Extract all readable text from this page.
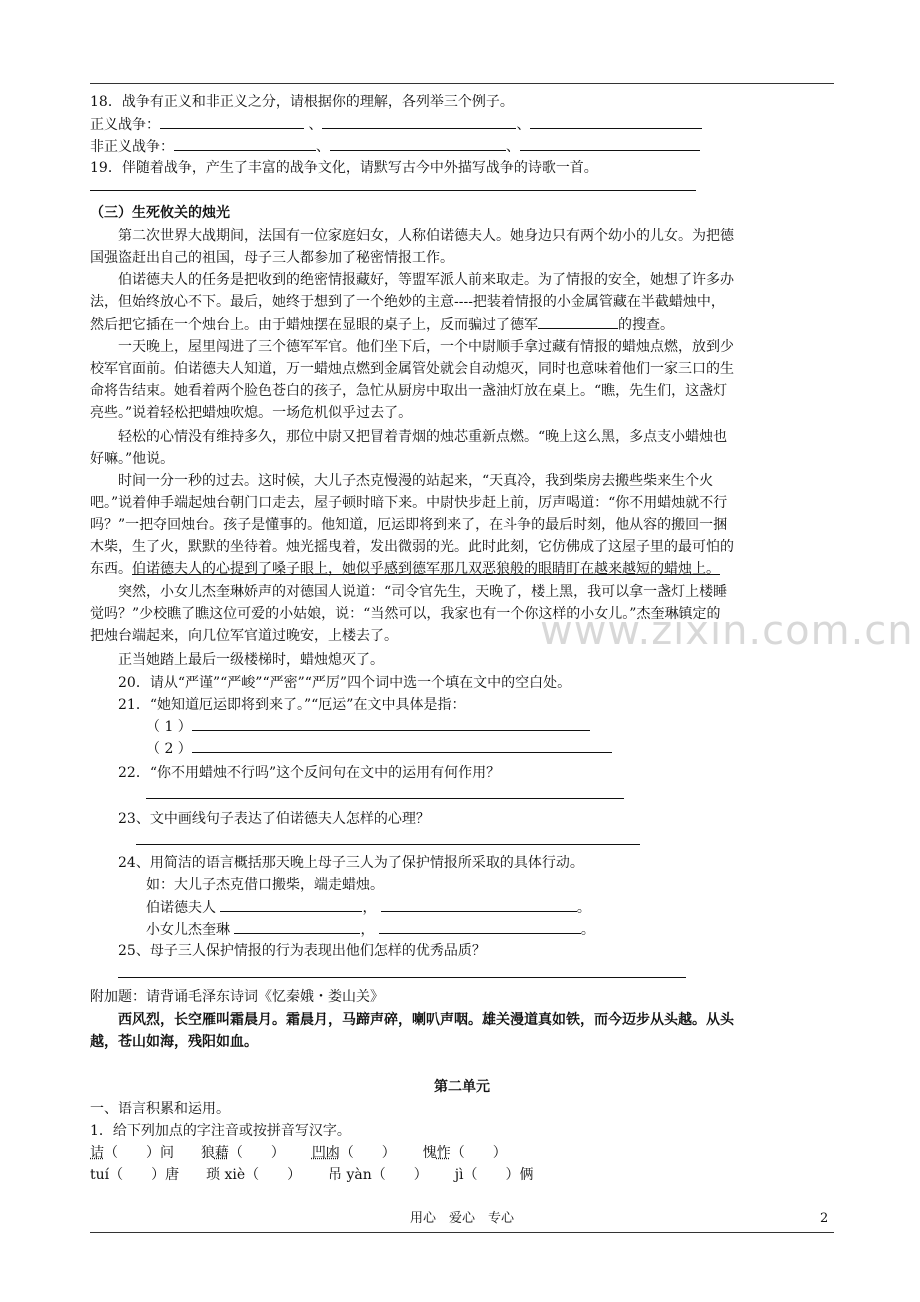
www.zixin.com.cn
18．战争有正义和非正义之分，请根据你的理解，各列举三个例子。
正义战争：	、	、
非正义战争：	、	、
19．伴随着战争，产生了丰富的战争文化，请默写古今中外描写战争的诗歌一首。
（三）生死攸关的烛光
第二次世界大战期间，法国有一位家庭妇女，人称伯诺德夫人。她身边只有两个幼小的儿女。为把德
国强盗赶出自己的祖国，母子三人都参加了秘密情报工作。
伯诺德夫人的任务是把收到的绝密情报藏好，等盟军派人前来取走。为了情报的安全，她想了许多办
法，但始终放心不下。最后，她终于想到了一个绝妙的主意----把装着情报的小金属管藏在半截蜡烛中，
然后把它插在一个烛台上。由于蜡烛摆在显眼的桌子上，反而骗过了德军	的搜查。
一天晚上，屋里闯进了三个德军军官。他们坐下后，一个中尉顺手拿过藏有情报的蜡烛点燃，放到少
校军官面前。伯诺德夫人知道，万一蜡烛点燃到金属管处就会自动熄灭，同时也意味着他们一家三口的生
命将告结束。她看着两个脸色苍白的孩子，急忙从厨房中取出一盏油灯放在桌上。“瞧，先生们，这盏灯
亮些。”说着轻松把蜡烛吹熄。一场危机似乎过去了。
轻松的心情没有维持多久，那位中尉又把冒着青烟的烛芯重新点燃。“晚上这么黑，多点支小蜡烛也
好嘛。”他说。
时间一分一秒的过去。这时候，大儿子杰克慢漫的站起来，“天真冷，我到柴房去搬些柴来生个火
吧。”说着伸手端起烛台朝门口走去，屋子顿时暗下来。中尉快步赶上前，厉声喝道：“你不用蜡烛就不行
吗？”一把夺回烛台。孩子是懂事的。他知道，厄运即将到来了，在斗争的最后时刻，他从容的搬回一捆
木柴，生了火，默默的坐待着。烛光摇曳着，发出微弱的光。此时此刻，它仿佛成了这屋子里的最可怕的
东西。伯诺德夫人的心提到了嗓子眼上，她似乎感到德军那几双恶狼般的眼睛盯在越来越短的蜡烛上。
突然，小女儿杰奎琳娇声的对德国人说道：“司令官先生，天晚了，楼上黑，我可以拿一盏灯上楼睡
觉吗？”少校瞧了瞧这位可爱的小姑娘，说：“当然可以，我家也有一个你这样的小女儿。”杰奎琳镇定的
把烛台端起来，向几位军官道过晚安，上楼去了。
正当她踏上最后一级楼梯时，蜡烛熄灭了。
20．请从“严谨”“严峻”“严密”“严厉”四个词中选一个填在文中的空白处。
21．“她知道厄运即将到来了。”“厄运”在文中具体是指：
（ 1 ）
（ 2 ）
22．“你不用蜡烛不行吗”这个反问句在文中的运用有何作用？
23、文中画线句子表达了伯诺德夫人怎样的心理？
24、用简洁的语言概括那天晚上母子三人为了保护情报所采取的具体行动。
如：大儿子杰克借口搬柴，端走蜡烛。
伯诺德夫人	，	。
小女儿杰奎琳	，	。
25、母子三人保护情报的行为表现出他们怎样的优秀品质？
附加题：请背诵毛泽东诗词《忆秦娥・娄山关》
西风烈，长空雁叫霜晨月。霜晨月，马蹄声碎，喇叭声咽。雄关漫道真如铁，而今迈步从头越。从头
越，苍山如海，残阳如血。
第二单元
一、语言积累和运用。
1．给下列加点的字注音或按拼音写汉字。
诘（　　）问 狼藉（　　） 凹凼（　　） 愧怍（　　）
tuí（　　）唐 琐 xiè（　　） 吊 yàn（　　） jì（　　）俩
用心　爱心　专心	2
